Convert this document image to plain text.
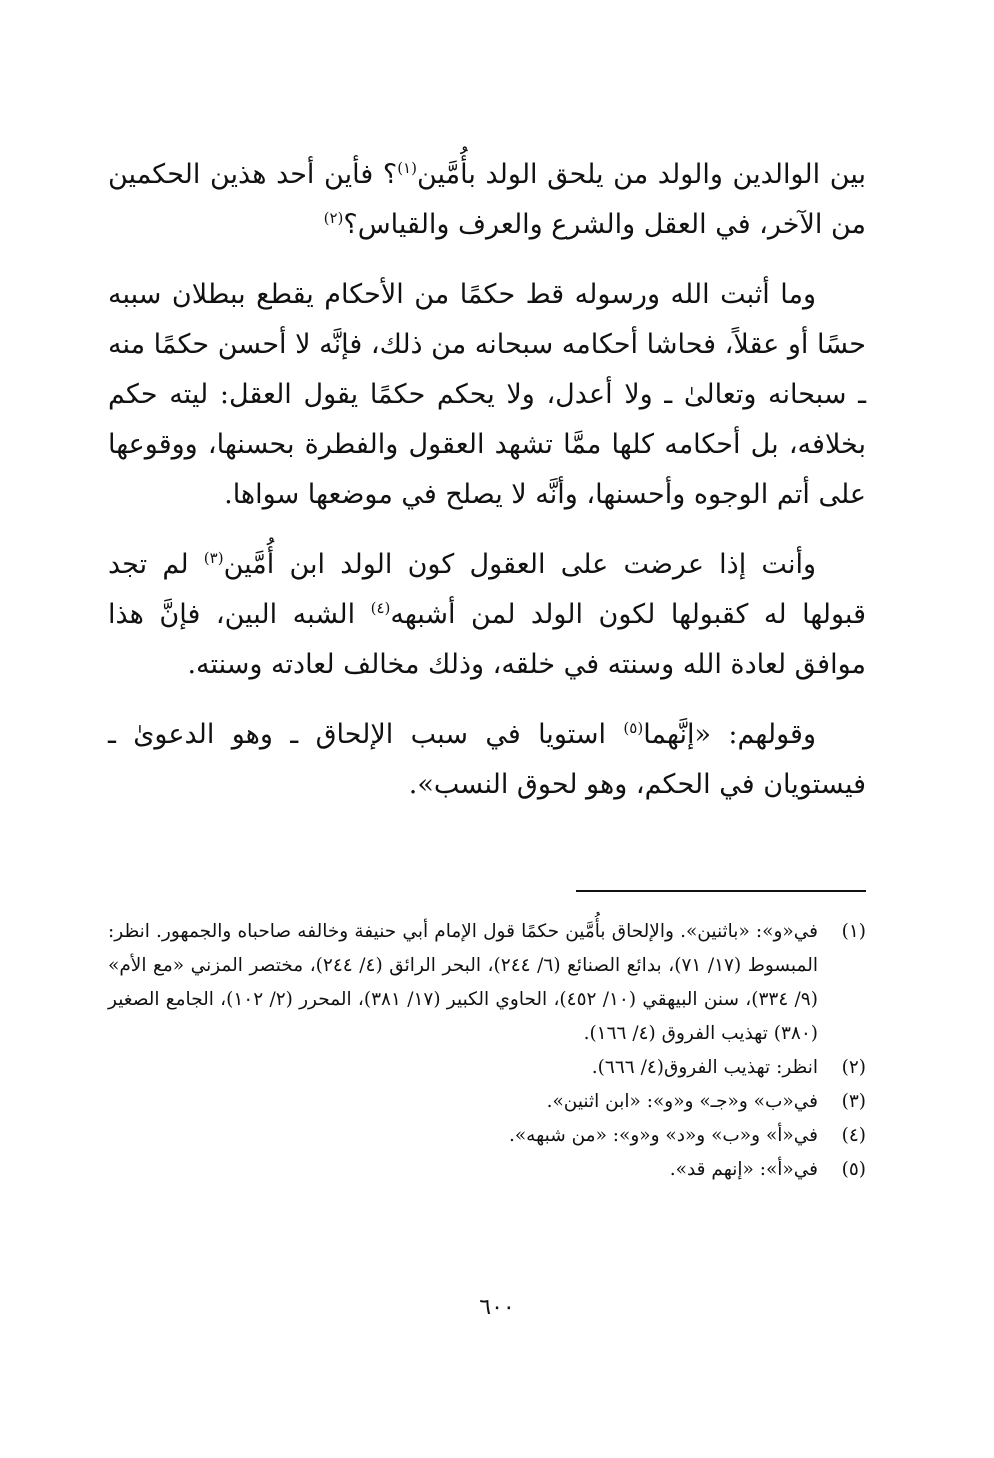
بين الوالدين والولد من يلحق الولد بأُمَّين$^{(١)}$؟ فأين أحد هذين الحكمين من الآخر، في العقل والشرع والعرف والقياس؟$^{(٢)}$

وما أثبت الله ورسوله قط حكمًا من الأحكام يقطع ببطلان سببه حسًا أو عقلاً، فحاشا أحكامه سبحانه من ذلك، فإنَّه لا أحسن حكمًا منه ـ سبحانه وتعالىٰ ـ ولا أعدل، ولا يحكم حكمًا يقول العقل: ليته حكم بخلافه، بل أحكامه كلها ممَّا تشهد العقول والفطرة بحسنها، ووقوعها على أتم الوجوه وأحسنها، وأنَّه لا يصلح في موضعها سواها.

وأنت إذا عرضت على العقول كون الولد ابن أُمَّين$^{(٣)}$ لم تجد قبولها له كقبولها لكون الولد لمن أشبهه$^{(٤)}$ الشبه البين، فإنَّ هذا موافق لعادة الله وسنته في خلقه، وذلك مخالف لعادته وسنته.

وقولهم: «إنَّهما$^{(٥)}$ استويا في سبب الإلحاق ـ وهو الدعوىٰ ـ فيستويان في الحكم، وهو لحوق النسب».

(١)
في«و»: «باثنين». والإلحاق بأُمَّين حكمًا قول الإمام أبي حنيفة وخالفه صاحباه والجمهور. انظر: المبسوط (١٧/ ٧١)، بدائع الصنائع (٦/ ٢٤٤)، البحر الرائق (٤/ ٢٤٤)، مختصر المزني «مع الأم» (٩/ ٣٣٤)، سنن البيهقي (١٠/ ٤٥٢)، الحاوي الكبير (١٧/ ٣٨١)، المحرر (٢/ ١٠٢)، الجامع الصغير (٣٨٠) تهذيب الفروق (٤/ ١٦٦).
(٢)
انظر: تهذيب الفروق(٤/ ٦٦٦).
(٣)
في«ب» و«جـ» و«و»: «ابن اثنين».
(٤)
في«أ» و«ب» و«د» و«و»: «من شبهه».
(٥)
في«أ»: «إنهم قد».
٦٠٠
